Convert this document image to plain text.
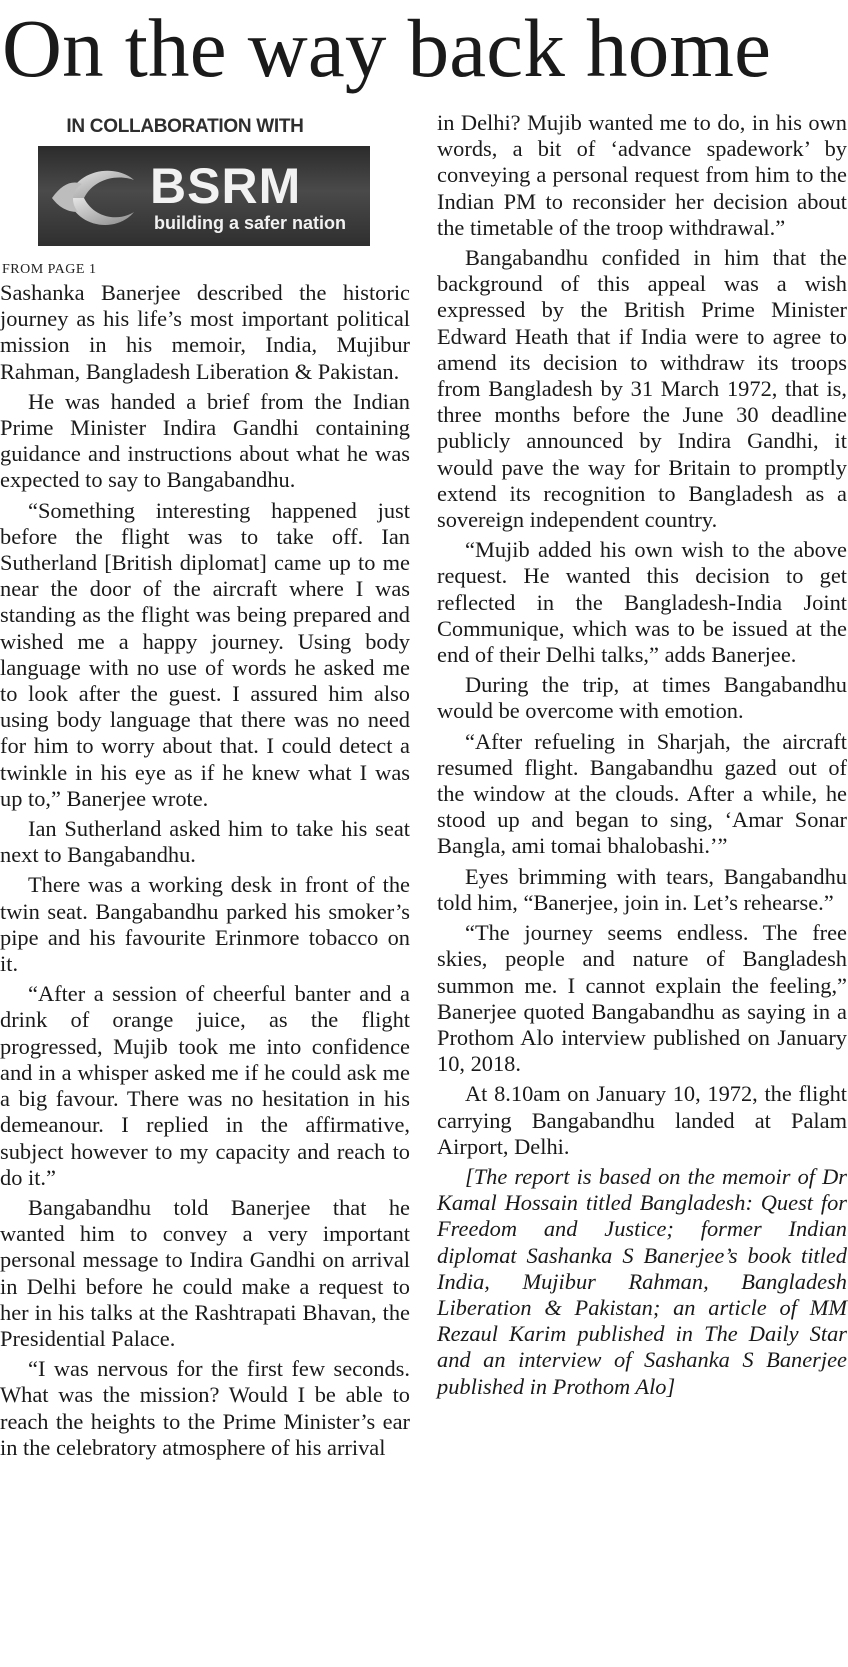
On the way back home
IN COLLABORATION WITH
BSRM
building a safer nation
FROM PAGE 1

Sashanka Banerjee described the historic journey as his life’s most important political mission in his memoir, India, Mujibur Rahman, Bangladesh Liberation & Pakistan.

He was handed a brief from the Indian Prime Minister Indira Gandhi containing guidance and instructions about what he was expected to say to Bangabandhu.

“Something interesting happened just before the flight was to take off. Ian Sutherland [British diplomat] came up to me near the door of the aircraft where I was standing as the flight was being prepared and wished me a happy journey. Using body language with no use of words he asked me to look after the guest. I assured him also using body language that there was no need for him to worry about that. I could detect a twinkle in his eye as if he knew what I was up to,” Banerjee wrote.

Ian Sutherland asked him to take his seat next to Bangabandhu.

There was a working desk in front of the twin seat. Bangabandhu parked his smoker’s pipe and his favourite Erinmore tobacco on it.

“After a session of cheerful banter and a drink of orange juice, as the flight progressed, Mujib took me into confidence and in a whisper asked me if he could ask me a big favour. There was no hesitation in his demeanour. I replied in the affirmative, subject however to my capacity and reach to do it.”

Bangabandhu told Banerjee that he wanted him to convey a very important personal message to Indira Gandhi on arrival in Delhi before he could make a request to her in his talks at the Rashtrapati Bhavan, the Presidential Palace.

“I was nervous for the first few seconds. What was the mission? Would I be able to reach the heights to the Prime Minister’s ear in the celebratory atmosphere of his arrival

in Delhi? Mujib wanted me to do, in his own words, a bit of ‘advance spadework’ by conveying a personal request from him to the Indian PM to reconsider her decision about the timetable of the troop withdrawal.”

Bangabandhu confided in him that the background of this appeal was a wish expressed by the British Prime Minister Edward Heath that if India were to agree to amend its decision to withdraw its troops from Bangladesh by 31 March 1972, that is, three months before the June 30 deadline publicly announced by Indira Gandhi, it would pave the way for Britain to promptly extend its recognition to Bangladesh as a sovereign independent country.

“Mujib added his own wish to the above request. He wanted this decision to get reflected in the Bangladesh-India Joint Communique, which was to be issued at the end of their Delhi talks,” adds Banerjee.

During the trip, at times Bangabandhu would be overcome with emotion.

“After refueling in Sharjah, the aircraft resumed flight. Bangabandhu gazed out of the window at the clouds. After a while, he stood up and began to sing, ‘Amar Sonar Bangla, ami tomai bhalobashi.’”

Eyes brimming with tears, Bangabandhu told him, “Banerjee, join in. Let’s rehearse.”

“The journey seems endless. The free skies, people and nature of Bangladesh summon me. I cannot explain the feeling,” Banerjee quoted Bangabandhu as saying in a Prothom Alo interview published on January 10, 2018.

At 8.10am on January 10, 1972, the flight carrying Bangabandhu landed at Palam Airport, Delhi.

[The report is based on the memoir of Dr Kamal Hossain titled Bangladesh: Quest for Freedom and Justice; former Indian diplomat Sashanka S Banerjee’s book titled India, Mujibur Rahman, Bangladesh Liberation & Pakistan; an article of MM Rezaul Karim published in The Daily Star and an interview of Sashanka S Banerjee published in Prothom Alo]
